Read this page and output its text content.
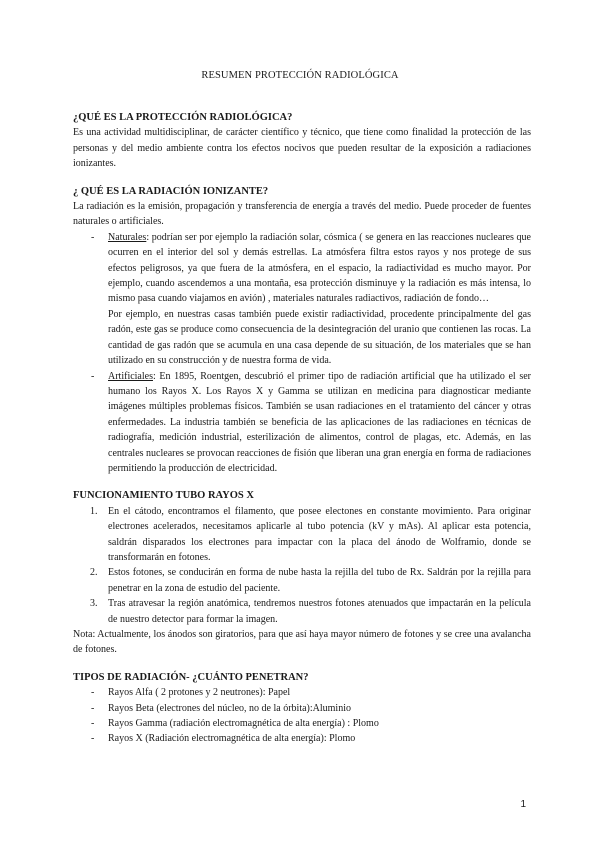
RESUMEN PROTECCIÓN RADIOLÓGICA
¿QUÉ ES LA PROTECCIÓN RADIOLÓGICA?

Es una actividad multidisciplinar, de carácter científico y técnico, que tiene como finalidad la protección de las personas y del medio ambiente contra los efectos nocivos que pueden resultar de la exposición a radiaciones ionizantes.

¿ QUÉ ES LA RADIACIÓN IONIZANTE?

La radiación es la emisión, propagación y transferencia de energía a través del medio. Puede proceder de fuentes naturales o artificiales.

- Naturales: podrían ser por ejemplo la radiación solar, cósmica ( se genera en las reacciones nucleares que ocurren en el interior del sol y demás estrellas. La atmósfera filtra estos rayos y nos protege de sus efectos peligrosos, ya que fuera de la atmósfera, en el espacio, la radiactividad es mucho mayor. Por ejemplo, cuando ascendemos a una montaña, esa protección disminuye y la radiación es más intensa, lo mismo pasa cuando viajamos en avión) , materiales naturales radiactivos, radiación de fondo…
Por ejemplo, en nuestras casas también puede existir radiactividad, procedente principalmente del gas radón, este gas se produce como consecuencia de la desintegración del uranio que contienen las rocas. La cantidad de gas radón que se acumula en una casa depende de su situación, de los materiales que se han utilizado en su construcción y de nuestra forma de vida.
- Artificiales: En 1895, Roentgen, descubrió el primer tipo de radiación artificial que ha utilizado el ser humano los Rayos X. Los Rayos X y Gamma se utilizan en medicina para diagnosticar mediante imágenes múltiples problemas físicos. También se usan radiaciones en el tratamiento del cáncer y otras enfermedades. La industria también se beneficia de las aplicaciones de las radiaciones en técnicas de radiografía, medición industrial, esterilización de alimentos, control de plagas, etc. Además, en las centrales nucleares se provocan reacciones de fisión que liberan una gran energía en forma de radiaciones permitiendo la producción de electricidad.
FUNCIONAMIENTO TUBO RAYOS X
En el cátodo, encontramos el filamento, que posee electones en constante movimiento. Para originar electrones acelerados, necesitamos aplicarle al tubo potencia (kV y mAs). Al aplicar esta potencia, saldrán disparados los electrones para impactar con la placa del ánodo de Wolframio, donde se transformarán en fotones.
Estos fotones, se conducirán en forma de nube hasta la rejilla del tubo de Rx. Saldrán por la rejilla para penetrar en la zona de estudio del paciente.
Tras atravesar la región anatómica, tendremos nuestros fotones atenuados que impactarán en la película de nuestro detector para formar la imagen.

Nota: Actualmente, los ánodos son giratorios, para que así haya mayor número de fotones y se cree una avalancha de fotones.

TIPOS DE RADIACIÓN- ¿CUÁNTO PENETRAN?
- Rayos Alfa ( 2 protones y 2 neutrones): Papel
- Rayos Beta (electrones del núcleo, no de la órbita):Aluminio
- Rayos Gamma (radiación electromagnética de alta energía) : Plomo
- Rayos X (Radiación electromagnética de alta energía): Plomo
1
